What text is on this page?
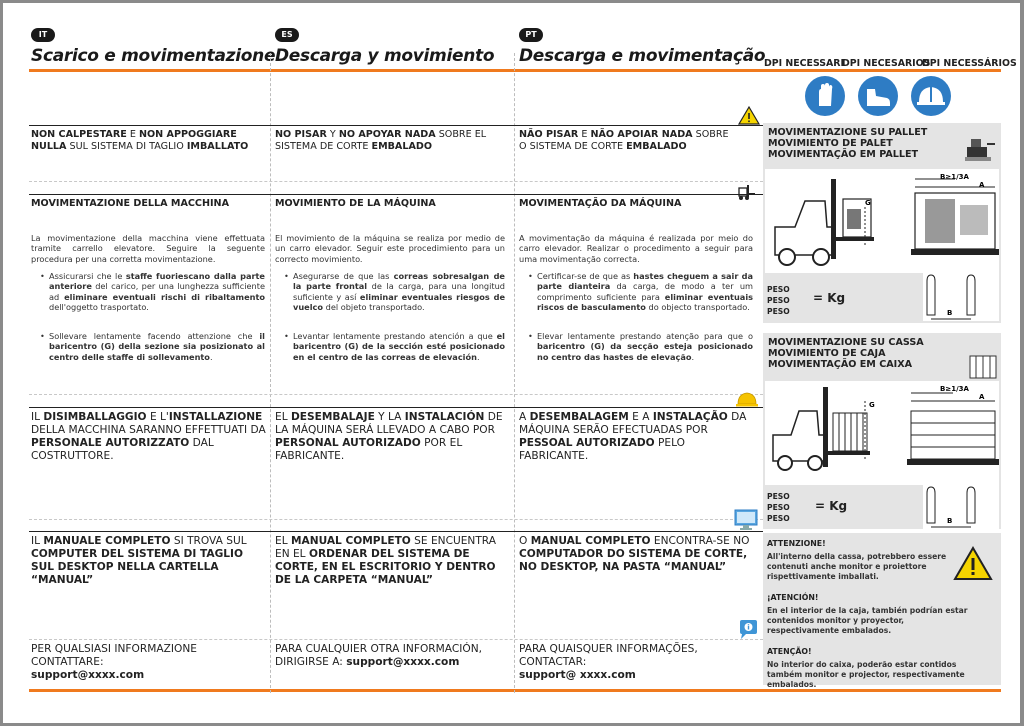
IT	ES	PT
Scarico e movimentazione Descarga y movimiento Descarga e movimentação
DPI NECESSARI
DPI NECESARIOS
DPI NECESSÁRIOS
NON CALPESTARE E NON APPOGGIARE NULLA SUL SISTEMA DI TAGLIO IMBALLATO
NO PISAR Y NO APOYAR NADA SOBRE EL SISTEMA DE CORTE EMBALADO
NÃO PISAR E NÃO APOIAR NADA SOBRE O SISTEMA DE CORTE EMBALADO
MOVIMENTAZIONE DELLA MACCHINA	MOVIMIENTO DE LA MÁQUINA	MOVIMENTAÇÃO DA MÁQUINA
La movimentazione della macchina viene effettuata tramite carrello elevatore. Seguire la seguente procedura per una corretta movimentazione.
El movimiento de la máquina se realiza por medio de un carro elevador. Seguir este procedimiento para un correcto movimiento.
A movimentação da máquina é realizada por meio do carro elevador. Realizar o procedimento a seguir para uma movimentação correcta.
• Assicurarsi che le staffe fuoriescano dalla parte anteriore del carico, per una lunghezza sufficiente ad eliminare eventuali rischi di ribaltamento dell'oggetto trasportato.
• Asegurarse de que las correas sobresalgan de la parte frontal de la carga, para una longitud suficiente y así eliminar eventuales riesgos de vuelco del objeto transportado.
• Certificar-se de que as hastes cheguem a sair da parte dianteira da carga, de modo a ter um comprimento suficiente para eliminar eventuais riscos de basculamento do objecto transportado.
• Sollevare lentamente facendo attenzione che il baricentro (G) della sezione sia posizionato al centro delle staffe di sollevamento.
• Levantar lentamente prestando atención a que el baricentro (G) de la sección esté posicionado en el centro de las correas de elevación.
• Elevar lentamente prestando atenção para que o baricentro (G) da secção esteja posicionado no centro das hastes de elevação.
IL DISIMBALLAGGIO E L'INSTALLAZIONE DELLA MACCHINA SARANNO EFFETTUATI DA PERSONALE AUTORIZZATO DAL COSTRUTTORE.
EL DESEMBALAJE Y LA INSTALACIÓN DE LA MÁQUINA SERÁ LLEVADO A CABO POR PERSONAL AUTORIZADO POR EL FABRICANTE.
A DESEMBALAGEM E A INSTALAÇÃO DA MÁQUINA SERÃO EFECTUADAS POR PESSOAL AUTORIZADO PELO FABRICANTE.
IL MANUALE COMPLETO SI TROVA SUL COMPUTER DEL SISTEMA DI TAGLIO SUL DESKTOP NELLA CARTELLA “MANUAL”
EL MANUAL COMPLETO SE ENCUENTRA EN EL ORDENAR DEL SISTEMA DE CORTE, EN EL ESCRITORIO Y DENTRO DE LA CARPETA “MANUAL”
O MANUAL COMPLETO ENCONTRA-SE NO COMPUTADOR DO SISTEMA DE CORTE, NO DESKTOP, NA PASTA “MANUAL”
PER QUALSIASI INFORMAZIONE CONTATTARE:
support@xxxx.com
PARA CUALQUIER OTRA INFORMACIÓN, DIRIGIRSE A: support@xxxx.com
PARA QUAISQUER INFORMAÇÕES, CONTACTAR:
support@ xxxx.com
MOVIMENTAZIONE SU PALLET
MOVIMIENTO DE PALET
MOVIMENTAÇÃO EM PALLET
B≥1/3A
A
G
PESO
PESO
PESO
= Kg
B
MOVIMENTAZIONE SU CASSA
MOVIMIENTO DE CAJA
MOVIMENTAÇÃO EM CAIXA
B≥1/3A
A
G
PESO
PESO
PESO
= Kg
B
ATTENZIONE!
All'interno della cassa, potrebbero essere contenuti anche monitor e proiettore rispettivamente imballati.
¡ATENCIÓN!
En el interior de la caja, también podrían estar contenidos monitor y proyector, respectivamente embalados.
ATENÇÃO!
No interior do caixa, poderão estar contidos também monitor e projector, respectivamente embalados.
